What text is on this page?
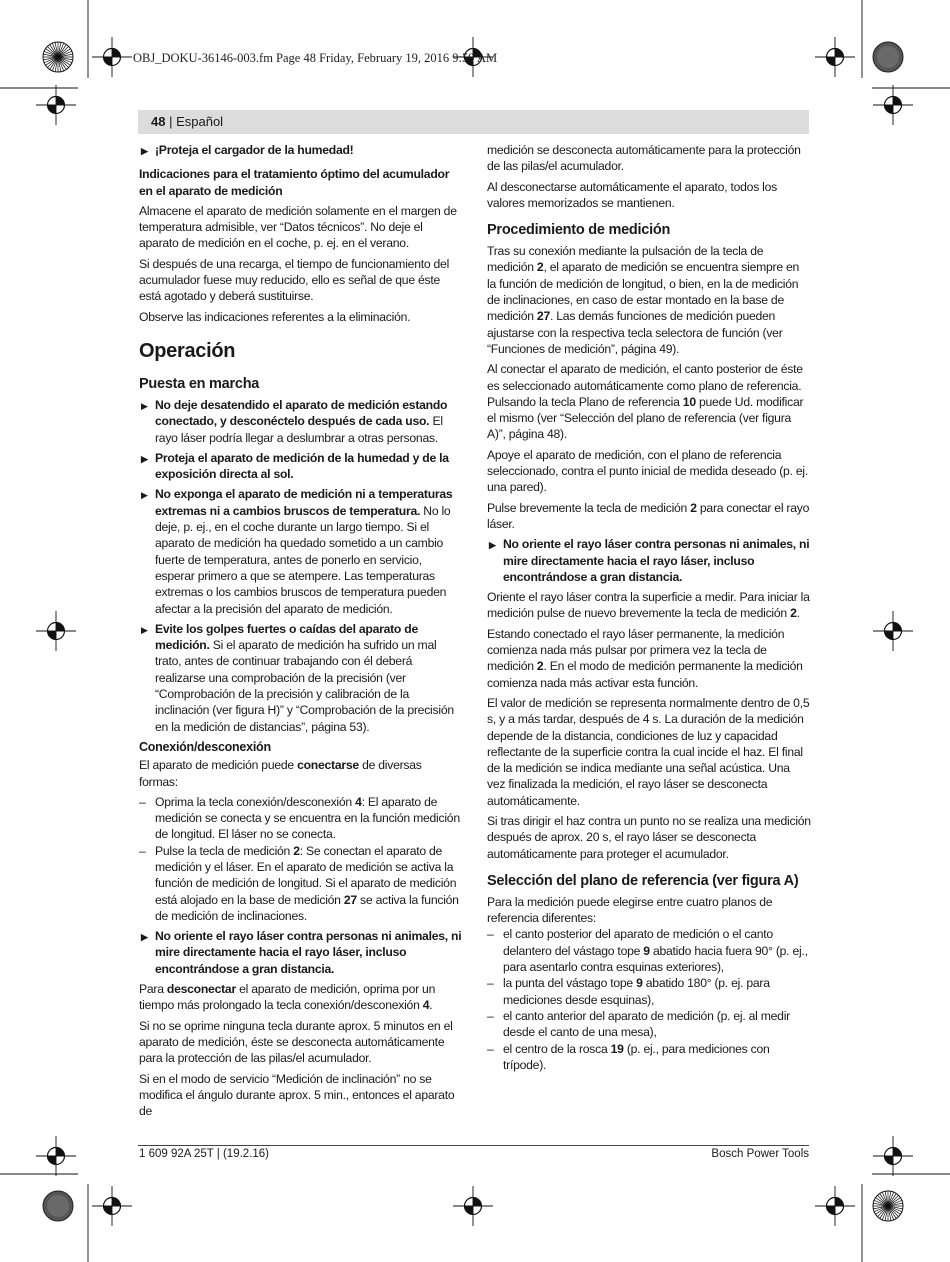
OBJ_DOKU-36146-003.fm Page 48 Friday, February 19, 2016 9:59 AM
48 | Español

▶ ¡Proteja el cargador de la humedad!

Indicaciones para el tratamiento óptimo del acumulador en el aparato de medición

Almacene el aparato de medición solamente en el margen de temperatura admisible, ver “Datos técnicos”. No deje el aparato de medición en el coche, p. ej. en el verano.

Si después de una recarga, el tiempo de funcionamiento del acumulador fuese muy reducido, ello es señal de que éste está agotado y deberá sustituirse.

Observe las indicaciones referentes a la eliminación.

Operación

Puesta en marcha

▶ No deje desatendido el aparato de medición estando conectado, y desconéctelo después de cada uso. El rayo láser podría llegar a deslumbrar a otras personas.

▶ Proteja el aparato de medición de la humedad y de la exposición directa al sol.

▶ No exponga el aparato de medición ni a temperaturas extremas ni a cambios bruscos de temperatura. No lo deje, p. ej., en el coche durante un largo tiempo. Si el aparato de medición ha quedado sometido a un cambio fuerte de temperatura, antes de ponerlo en servicio, esperar primero a que se atempere. Las temperaturas extremas o los cambios bruscos de temperatura pueden afectar a la precisión del aparato de medición.

▶ Evite los golpes fuertes o caídas del aparato de medición. Si el aparato de medición ha sufrido un mal trato, antes de continuar trabajando con él deberá realizarse una comprobación de la precisión (ver “Comprobación de la precisión y calibración de la inclinación (ver figura H)” y “Comprobación de la precisión en la medición de distancias”, página 53).

Conexión/desconexión

El aparato de medición puede conectarse de diversas formas:

– Oprima la tecla conexión/desconexión 4: El aparato de medición se conecta y se encuentra en la función medición de longitud. El láser no se conecta.

– Pulse la tecla de medición 2: Se conectan el aparato de medición y el láser. En el aparato de medición se activa la función de medición de longitud. Si el aparato de medición está alojado en la base de medición 27 se activa la función de medición de inclinaciones.

▶ No oriente el rayo láser contra personas ni animales, ni mire directamente hacia el rayo láser, incluso encontrándose a gran distancia.

Para desconectar el aparato de medición, oprima por un tiempo más prolongado la tecla conexión/desconexión 4.

Si no se oprime ninguna tecla durante aprox. 5 minutos en el aparato de medición, éste se desconecta automáticamente para la protección de las pilas/el acumulador.

Si en el modo de servicio “Medición de inclinación” no se modifica el ángulo durante aprox. 5 min., entonces el aparato de

medición se desconecta automáticamente para la protección de las pilas/el acumulador.

Al desconectarse automáticamente el aparato, todos los valores memorizados se mantienen.

Procedimiento de medición

Tras su conexión mediante la pulsación de la tecla de medición 2, el aparato de medición se encuentra siempre en la función de medición de longitud, o bien, en la de medición de inclinaciones, en caso de estar montado en la base de medición 27. Las demás funciones de medición pueden ajustarse con la respectiva tecla selectora de función (ver “Funciones de medición”, página 49).

Al conectar el aparato de medición, el canto posterior de éste es seleccionado automáticamente como plano de referencia. Pulsando la tecla Plano de referencia 10 puede Ud. modificar el mismo (ver “Selección del plano de referencia (ver figura A)”, página 48).

Apoye el aparato de medición, con el plano de referencia seleccionado, contra el punto inicial de medida deseado (p. ej. una pared).

Pulse brevemente la tecla de medición 2 para conectar el rayo láser.

▶ No oriente el rayo láser contra personas ni animales, ni mire directamente hacia el rayo láser, incluso encontrándose a gran distancia.

Oriente el rayo láser contra la superficie a medir. Para iniciar la medición pulse de nuevo brevemente la tecla de medición 2.

Estando conectado el rayo láser permanente, la medición comienza nada más pulsar por primera vez la tecla de medición 2. En el modo de medición permanente la medición comienza nada más activar esta función.

El valor de medición se representa normalmente dentro de 0,5 s, y a más tardar, después de 4 s. La duración de la medición depende de la distancia, condiciones de luz y capacidad reflectante de la superficie contra la cual incide el haz. El final de la medición se indica mediante una señal acústica. Una vez finalizada la medición, el rayo láser se desconecta automáticamente.

Si tras dirigir el haz contra un punto no se realiza una medición después de aprox. 20 s, el rayo láser se desconecta automáticamente para proteger el acumulador.

Selección del plano de referencia (ver figura A)

Para la medición puede elegirse entre cuatro planos de referencia diferentes:

– el canto posterior del aparato de medición o el canto delantero del vástago tope 9 abatido hacia fuera 90° (p. ej., para asentarlo contra esquinas exteriores),

– la punta del vástago tope 9 abatido 180° (p. ej. para mediciones desde esquinas),

– el canto anterior del aparato de medición (p. ej. al medir desde el canto de una mesa),

– el centro de la rosca 19 (p. ej., para mediciones con trípode).

1 609 92A 25T | (19.2.16)	Bosch Power Tools
